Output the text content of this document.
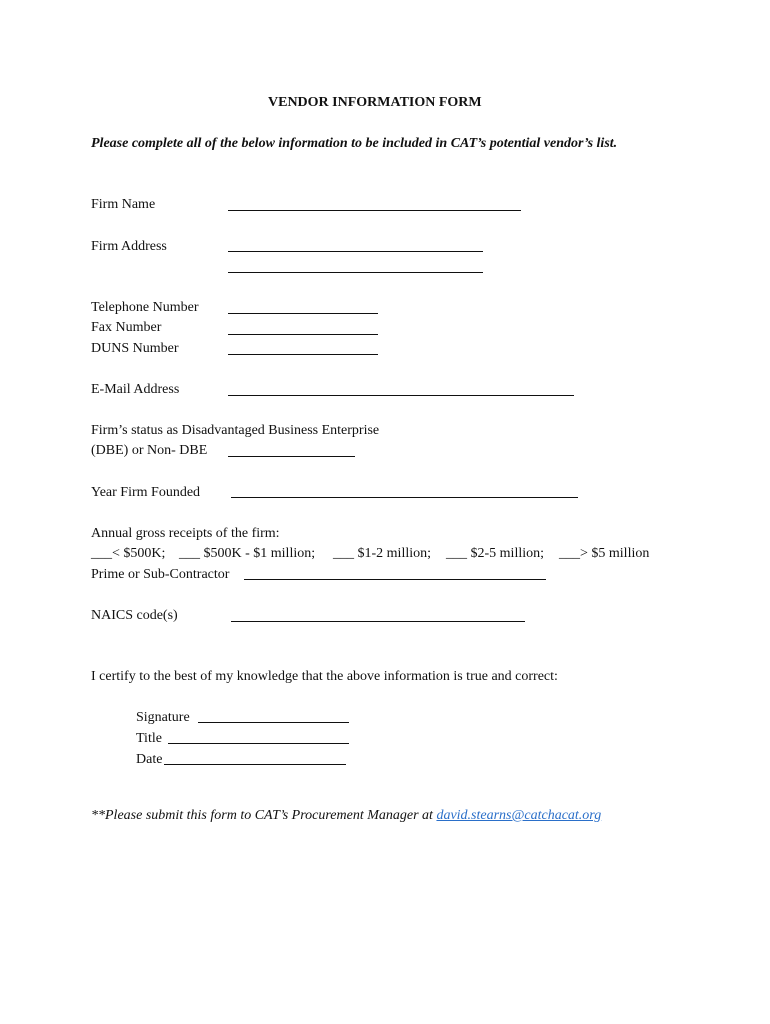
VENDOR INFORMATION FORM
Please complete all of the below information to be included in CAT’s potential vendor’s list.
Firm Name
Firm Address
Telephone Number
Fax Number
DUNS Number
E-Mail Address
Firm’s status as Disadvantaged Business Enterprise
(DBE) or Non- DBE
Year Firm Founded
Annual gross receipts of the firm:
___< $500K; ___ $500K - $1 million; ___ $1-2 million; ___ $2-5 million; ___> $5 million
Prime or Sub-Contractor
NAICS code(s)
I certify to the best of my knowledge that the above information is true and correct:
Signature
Title
Date
**Please submit this form to CAT’s Procurement Manager at david.stearns@catchacat.org
